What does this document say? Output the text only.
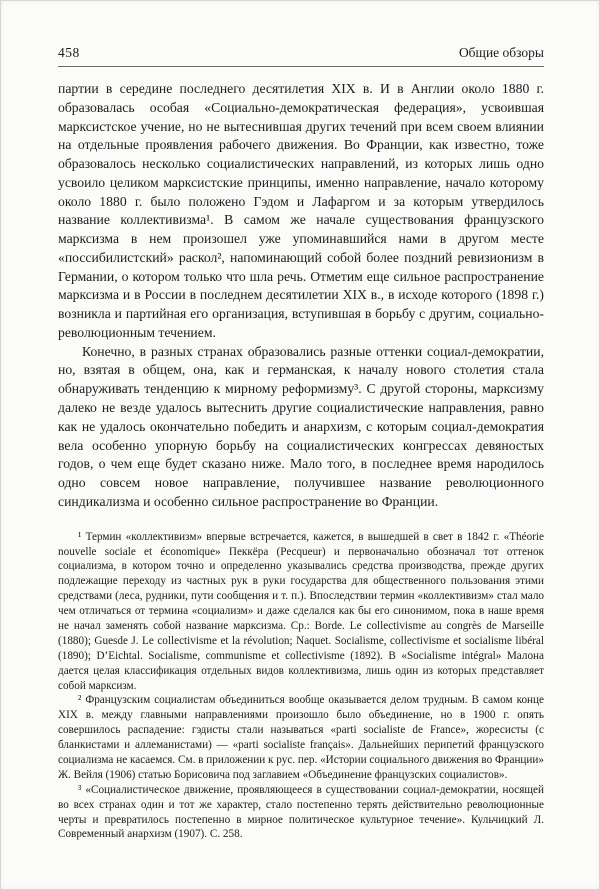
458	Общие обзоры

партии в середине последнего десятилетия XIX в. И в Англии около 1880 г. образовалась особая «Социально-демократическая федерация», усвоившая марксистское учение, но не вытеснившая других течений при всем своем влиянии на отдельные проявления рабочего движения. Во Франции, как известно, тоже образовалось несколько социалистических направлений, из которых лишь одно усвоило целиком марксистские принципы, именно направление, начало которому около 1880 г. было положено Гэдом и Лафаргом и за которым утвердилось название коллективизма¹. В самом же начале существования французского марксизма в нем произошел уже упоминавшийся нами в другом месте «поссибилистский» раскол², напоминающий собой более поздний ревизионизм в Германии, о котором только что шла речь. Отметим еще сильное распространение марксизма и в России в последнем десятилетии XIX в., в исходе которого (1898 г.) возникла и партийная его организация, вступившая в борьбу с другим, социально-революционным течением.

Конечно, в разных странах образовались разные оттенки социал-демократии, но, взятая в общем, она, как и германская, к началу нового столетия стала обнаруживать тенденцию к мирному реформизму³. С другой стороны, марксизму далеко не везде удалось вытеснить другие социалистические направления, равно как не удалось окончательно победить и анархизм, с которым социал-демократия вела особенно упорную борьбу на социалистических конгрессах девяностых годов, о чем еще будет сказано ниже. Мало того, в последнее время народилось одно совсем новое направление, получившее название революционного синдикализма и особенно сильное распространение во Франции.

¹ Термин «коллективизм» впервые встречается, кажется, в вышедшей в свет в 1842 г. «Théorie nouvelle sociale et économique» Пеккёра (Pecqueur) и первоначально обозначал тот оттенок социализма, в котором точно и определенно указывались средства производства, прежде других подлежащие переходу из частных рук в руки государства для общественного пользования этими средствами (леса, рудники, пути сообщения и т. п.). Впоследствии термин «коллективизм» стал мало чем отличаться от термина «социализм» и даже сделался как бы его синонимом, пока в наше время не начал заменять собой название марксизма. Ср.: Borde. Le collectivisme au congrès de Marseille (1880); Guesde J. Le collectivisme et la révolution; Naquet. Socialisme, collectivisme et socialisme libéral (1890); D’Eichtal. Socialisme, communisme et collectivisme (1892). В «Socialisme intégral» Малона дается целая классификация отдельных видов коллективизма, лишь один из которых представляет собой марксизм.

² Французским социалистам объединиться вообще оказывается делом трудным. В самом конце XIX в. между главными направлениями произошло было объединение, но в 1900 г. опять совершилось распадение: гэдисты стали называться «parti socialiste de France», жоресисты (с бланкистами и аллеманистами) — «parti socialiste français». Дальнейших перипетий французского социализма не касаемся. См. в приложении к рус. пер. «Истории социального движения во Франции» Ж. Вейля (1906) статью Борисовича под заглавием «Объединение французских социалистов».

³ «Социалистическое движение, проявляющееся в существовании социал-демократии, носящей во всех странах один и тот же характер, стало постепенно терять действительно революционные черты и превратилось постепенно в мирное политическое культурное течение». Кульчицкий Л. Современный анархизм (1907). С. 258.
